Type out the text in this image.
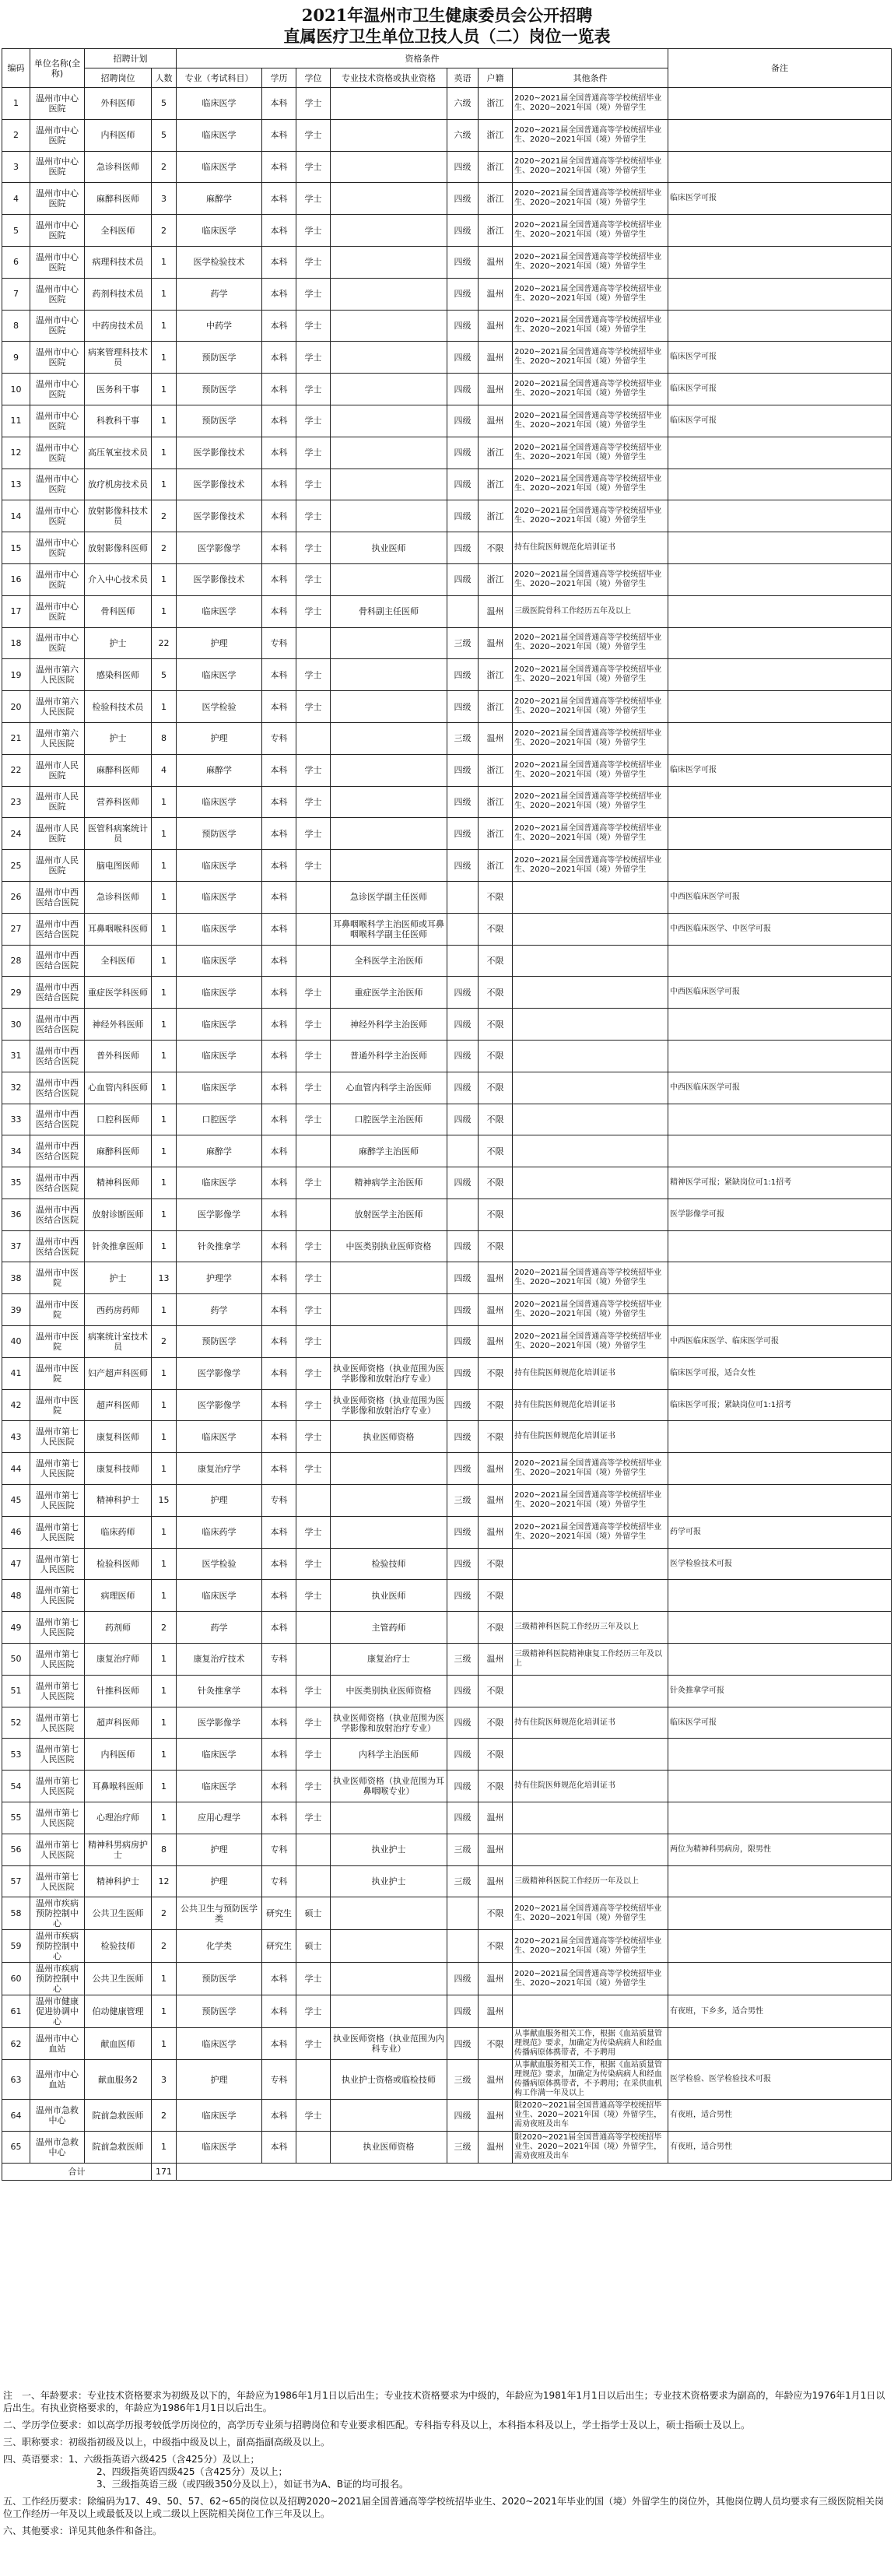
2021年温州市卫生健康委员会公开招聘
直属医疗卫生单位卫技人员（二）岗位一览表
编码	单位名称(全称)	招聘计划		资格条件							备注
		招聘岗位	人数	专业（考试科目）	学历	学位	专业技术资格或执业资格	英语	户籍	其他条件	
1	温州市中心医院	外科医师	5	临床医学	本科	学士		六级	浙江	2020~2021届全国普通高等学校统招毕业生、2020~2021年国（境）外留学生	
2	温州市中心医院	内科医师	5	临床医学	本科	学士		六级	浙江	2020~2021届全国普通高等学校统招毕业生、2020~2021年国（境）外留学生	
3	温州市中心医院	急诊科医师	2	临床医学	本科	学士		四级	浙江	2020~2021届全国普通高等学校统招毕业生、2020~2021年国（境）外留学生	
4	温州市中心医院	麻醉科医师	3	麻醉学	本科	学士		四级	浙江	2020~2021届全国普通高等学校统招毕业生、2020~2021年国（境）外留学生	临床医学可报
5	温州市中心医院	全科医师	2	临床医学	本科	学士		四级	浙江	2020~2021届全国普通高等学校统招毕业生、2020~2021年国（境）外留学生	
6	温州市中心医院	病理科技术员	1	医学检验技术	本科	学士		四级	温州	2020~2021届全国普通高等学校统招毕业生、2020~2021年国（境）外留学生	
7	温州市中心医院	药剂科技术员	1	药学	本科	学士		四级	温州	2020~2021届全国普通高等学校统招毕业生、2020~2021年国（境）外留学生	
8	温州市中心医院	中药房技术员	1	中药学	本科	学士		四级	温州	2020~2021届全国普通高等学校统招毕业生、2020~2021年国（境）外留学生	
9	温州市中心医院	病案管理科技术员	1	预防医学	本科	学士		四级	温州	2020~2021届全国普通高等学校统招毕业生、2020~2021年国（境）外留学生	临床医学可报
10	温州市中心医院	医务科干事	1	预防医学	本科	学士		四级	温州	2020~2021届全国普通高等学校统招毕业生、2020~2021年国（境）外留学生	临床医学可报
11	温州市中心医院	科教科干事	1	预防医学	本科	学士		四级	温州	2020~2021届全国普通高等学校统招毕业生、2020~2021年国（境）外留学生	临床医学可报
12	温州市中心医院	高压氧室技术员	1	医学影像技术	本科	学士		四级	浙江	2020~2021届全国普通高等学校统招毕业生、2020~2021年国（境）外留学生	
13	温州市中心医院	放疗机房技术员	1	医学影像技术	本科	学士		四级	浙江	2020~2021届全国普通高等学校统招毕业生、2020~2021年国（境）外留学生	
14	温州市中心医院	放射影像科技术员	2	医学影像技术	本科	学士		四级	浙江	2020~2021届全国普通高等学校统招毕业生、2020~2021年国（境）外留学生	
15	温州市中心医院	放射影像科医师	2	医学影像学	本科	学士	执业医师	四级	不限	持有住院医师规范化培训证书	
16	温州市中心医院	介入中心技术员	1	医学影像技术	本科	学士		四级	浙江	2020~2021届全国普通高等学校统招毕业生、2020~2021年国（境）外留学生	
17	温州市中心医院	骨科医师	1	临床医学	本科	学士	骨科副主任医师		温州	三级医院骨科工作经历五年及以上	
18	温州市中心医院	护士	22	护理	专科			三级	温州	2020~2021届全国普通高等学校统招毕业生、2020~2021年国（境）外留学生	
19	温州市第六人民医院	感染科医师	5	临床医学	本科	学士		四级	浙江	2020~2021届全国普通高等学校统招毕业生、2020~2021年国（境）外留学生	
20	温州市第六人民医院	检验科技术员	1	医学检验	本科	学士		四级	浙江	2020~2021届全国普通高等学校统招毕业生、2020~2021年国（境）外留学生	
21	温州市第六人民医院	护士	8	护理	专科			三级	温州	2020~2021届全国普通高等学校统招毕业生、2020~2021年国（境）外留学生	
22	温州市人民医院	麻醉科医师	4	麻醉学	本科	学士		四级	浙江	2020~2021届全国普通高等学校统招毕业生、2020~2021年国（境）外留学生	临床医学可报
23	温州市人民医院	营养科医师	1	临床医学	本科	学士		四级	浙江	2020~2021届全国普通高等学校统招毕业生、2020~2021年国（境）外留学生	
24	温州市人民医院	医管科病案统计员	1	预防医学	本科	学士		四级	浙江	2020~2021届全国普通高等学校统招毕业生、2020~2021年国（境）外留学生	
25	温州市人民医院	脑电图医师	1	临床医学	本科	学士		四级	浙江	2020~2021届全国普通高等学校统招毕业生、2020~2021年国（境）外留学生	
26	温州市中西医结合医院	急诊科医师	1	临床医学	本科		急诊医学副主任医师		不限		中西医临床医学可报
27	温州市中西医结合医院	耳鼻咽喉科医师	1	临床医学	本科		耳鼻咽喉科学主治医师或耳鼻咽喉科学副主任医师		不限		中西医临床医学、中医学可报
28	温州市中西医结合医院	全科医师	1	临床医学	本科		全科医学主治医师		不限		
29	温州市中西医结合医院	重症医学科医师	1	临床医学	本科	学士	重症医学主治医师	四级	不限		中西医临床医学可报
30	温州市中西医结合医院	神经外科医师	1	临床医学	本科	学士	神经外科学主治医师	四级	不限		
31	温州市中西医结合医院	普外科医师	1	临床医学	本科	学士	普通外科学主治医师	四级	不限		
32	温州市中西医结合医院	心血管内科医师	1	临床医学	本科	学士	心血管内科学主治医师	四级	不限		中西医临床医学可报
33	温州市中西医结合医院	口腔科医师	1	口腔医学	本科	学士	口腔医学主治医师	四级	不限		
34	温州市中西医结合医院	麻醉科医师	1	麻醉学	本科		麻醉学主治医师		不限		
35	温州市中西医结合医院	精神科医师	1	临床医学	本科	学士	精神病学主治医师	四级	不限		精神医学可报；紧缺岗位可1:1招考
36	温州市中西医结合医院	放射诊断医师	1	医学影像学	本科		放射医学主治医师		不限		医学影像学可报
37	温州市中西医结合医院	针灸推拿医师	1	针灸推拿学	本科	学士	中医类别执业医师资格	四级	不限		
38	温州市中医院	护士	13	护理学	本科	学士		四级	温州	2020~2021届全国普通高等学校统招毕业生、2020~2021年国（境）外留学生	
39	温州市中医院	西药房药师	1	药学	本科	学士		四级	温州	2020~2021届全国普通高等学校统招毕业生、2020~2021年国（境）外留学生	
40	温州市中医院	病案统计室技术员	2	预防医学	本科	学士		四级	温州	2020~2021届全国普通高等学校统招毕业生、2020~2021年国（境）外留学生	中西医临床医学、临床医学可报
41	温州市中医院	妇产超声科医师	1	医学影像学	本科	学士	执业医师资格（执业范围为医学影像和放射治疗专业）	四级	不限	持有住院医师规范化培训证书	临床医学可报，适合女性
42	温州市中医院	超声科医师	1	医学影像学	本科	学士	执业医师资格（执业范围为医学影像和放射治疗专业）	四级	不限	持有住院医师规范化培训证书	临床医学可报；紧缺岗位可1:1招考
43	温州市第七人民医院	康复科医师	1	临床医学	本科	学士	执业医师资格	四级	不限	持有住院医师规范化培训证书	
44	温州市第七人民医院	康复科技师	1	康复治疗学	本科	学士		四级	温州	2020~2021届全国普通高等学校统招毕业生、2020~2021年国（境）外留学生	
45	温州市第七人民医院	精神科护士	15	护理	专科			三级	温州	2020~2021届全国普通高等学校统招毕业生、2020~2021年国（境）外留学生	
46	温州市第七人民医院	临床药师	1	临床药学	本科	学士		四级	温州	2020~2021届全国普通高等学校统招毕业生、2020~2021年国（境）外留学生	药学可报
47	温州市第七人民医院	检验科医师	1	医学检验	本科	学士	检验技师	四级	不限		医学检验技术可报
48	温州市第七人民医院	病理医师	1	临床医学	本科	学士	执业医师	四级	不限		
49	温州市第七人民医院	药剂师	2	药学	本科		主管药师		不限	三级精神科医院工作经历三年及以上	
50	温州市第七人民医院	康复治疗师	1	康复治疗技术	专科		康复治疗士	三级	温州	三级精神科医院精神康复工作经历三年及以上	
51	温州市第七人民医院	针推科医师	1	针灸推拿学	本科	学士	中医类别执业医师资格	四级	不限		针灸推拿学可报
52	温州市第七人民医院	超声科医师	1	医学影像学	本科	学士	执业医师资格（执业范围为医学影像和放射治疗专业）	四级	不限	持有住院医师规范化培训证书	临床医学可报
53	温州市第七人民医院	内科医师	1	临床医学	本科	学士	内科学主治医师	四级	不限		
54	温州市第七人民医院	耳鼻喉科医师	1	临床医学	本科	学士	执业医师资格（执业范围为耳鼻咽喉专业）	四级	不限	持有住院医师规范化培训证书	
55	温州市第七人民医院	心理治疗师	1	应用心理学	本科	学士		四级	温州		
56	温州市第七人民医院	精神科男病房护士	8	护理	专科		执业护士	三级	温州		两位为精神科男病房，限男性
57	温州市第七人民医院	精神科护士	12	护理	专科		执业护士	三级	温州	三级精神科医院工作经历一年及以上	
58	温州市疾病预防控制中心	公共卫生医师	2	公共卫生与预防医学类	研究生	硕士			不限	2020~2021届全国普通高等学校统招毕业生、2020~2021年国（境）外留学生	
59	温州市疾病预防控制中心	检验技师	2	化学类	研究生	硕士			不限	2020~2021届全国普通高等学校统招毕业生、2020~2021年国（境）外留学生	
60	温州市疾病预防控制中心	公共卫生医师	1	预防医学	本科	学士		四级	温州	2020~2021届全国普通高等学校统招毕业生、2020~2021年国（境）外留学生	
61	温州市健康促进协调中心	伯动健康管理	1	预防医学	本科	学士		四级	温州		有夜班，下乡多，适合男性
62	温州市中心血站	献血医师	1	临床医学	本科	学士	执业医师资格（执业范围为内科专业）	四级	不限	从事献血服务相关工作，根据《血站质量管理规范》要求，加确定为传染病病人和经血传播病原体携带者，不予聘用	
63	温州市中心血站	献血服务2	3	护理	专科		执业护士资格或临检技师	三级	温州	从事献血服务相关工作，根据《血站质量管理规范》要求，加确定为传染病病人和经血传播病原体携带者，不予聘用；在采供血机构工作满一年及以上	医学检验、医学检验技术可报
64	温州市急救中心	院前急救医师	2	临床医学	本科	学士		四级	温州	限2020~2021届全国普通高等学校统招毕业生、2020~2021年国（境）外留学生，需劝夜班及出车	有夜班，适合男性
65	温州市急救中心	院前急救医师	1	临床医学	本科		执业医师资格	三级	温州	限2020~2021届全国普通高等学校统招毕业生、2020~2021年国（境）外留学生，需劝夜班及出车	有夜班，适合男性
合计			171								

注　一、年龄要求：专业技术资格要求为初级及以下的，年龄应为1986年1月1日以后出生；专业技术资格要求为中级的，年龄应为1981年1月1日以后出生；专业技术资格要求为副高的，年龄应为1976年1月1日以后出生。有执业资格要求的，年龄应为1986年1月1日以后出生。

二、学历学位要求：如以高学历报考较低学历岗位的，高学历专业须与招聘岗位和专业要求相匹配。专科指专科及以上，本科指本科及以上，学士指学士及以上，硕士指硕士及以上。

三、职称要求：初级指初级及以上，中级指中级及以上，副高指副高级及以上。

四、英语要求：1、六级指英语六级425（含425分）及以上；

2、四级指英语四级425（含425分）及以上；

3、三级指英语三级（或四级350分及以上），如证书为A、B证的均可报名。

五、工作经历要求：除编码为17、49、50、57、62~65的岗位以及招聘2020~2021届全国普通高等学校统招毕业生、2020~2021年毕业的国（境）外留学生的岗位外，其他岗位聘人员均要求有三级医院相关岗位工作经历一年及以上或最低及以上或二级以上医院相关岗位工作三年及以上。

六、其他要求：详见其他条件和备注。
